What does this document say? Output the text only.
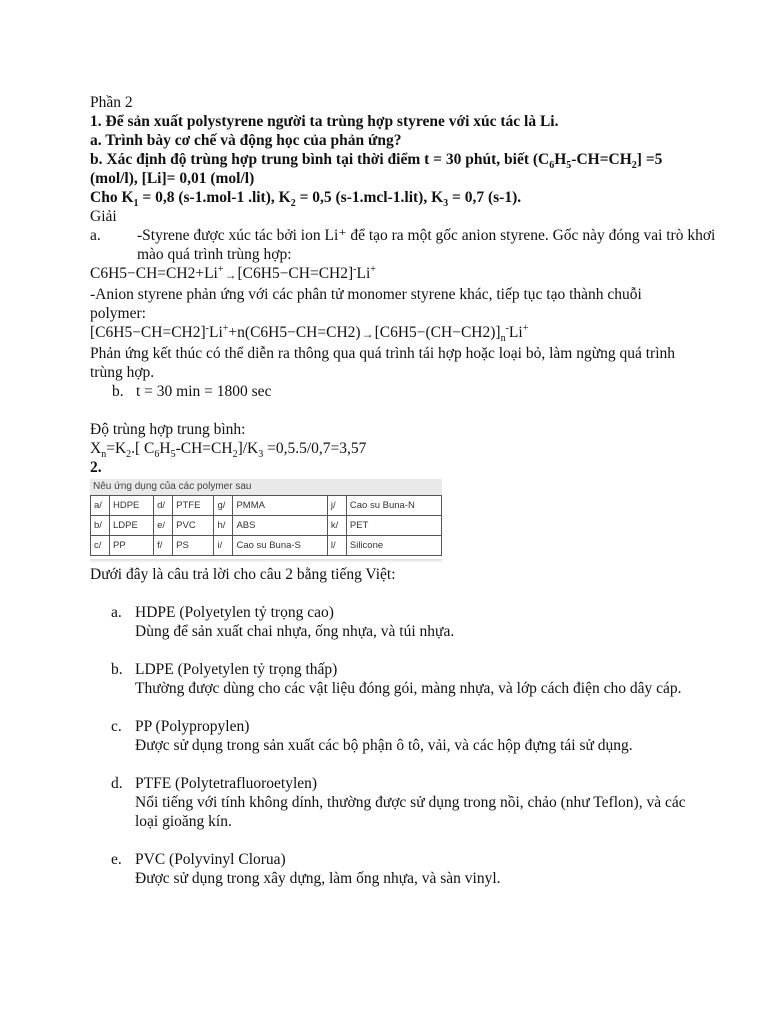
Phần 2

1. Để sản xuất polystyrene người ta trùng hợp styrene với xúc tác là Li.

a. Trình bày cơ chế và động học của phản ứng?

b. Xác định độ trùng hợp trung bình tại thời điểm t = 30 phút, biết $(C_6H_5-CH=CH_2] =5$ (mol/l), [Li]= 0,01 (mol/l)

Cho $K_1 = 0,8$ (s-1.mol-1 .lit), $K_2 = 0,5$ (s-1.mcl-1.lit), $K_3 = 0,7$ (s-1).

Giải

a.	-Styrene được xúc tác bởi ion Li⁺ để tạo ra một gốc anion styrene. Gốc này đóng vai trò khơi mào quá trình trùng hợp:

C6H5−CH=CH2+Li+→[C6H5−CH=CH2]-Li+

-Anion styrene phản ứng với các phân tử monomer styrene khác, tiếp tục tạo thành chuỗi polymer:

$[C6H5-CH=CH2]^-Li^++n(C6H5-CH=CH2)\to[C6H5-(CH-CH2)]_n^-Li^+$

Phản ứng kết thúc có thể diễn ra thông qua quá trình tái hợp hoặc loại bỏ, làm ngừng quá trình trùng hợp.

b. t = 30 min = 1800 sec

Độ trùng hợp trung bình:

$X_n=K_2$.[ $C_6H_5-CH=CH_2]/K_3 =0,5.5/0,7=3,57$

2.

Nêu ứng dụng của các polymer sau
a/	HDPE	d/	PTFE	g/	PMMA	j/	Cao su Buna-N
b/	LDPE	e/	PVC	h/	ABS	k/	PET
c/	PP	f/	PS	i/	Cao su Buna-S	l/	Silicone

Dưới đây là câu trả lời cho câu 2 bằng tiếng Việt:

a. HDPE (Polyetylen tỷ trọng cao)
Dùng để sản xuất chai nhựa, ống nhựa, và túi nhựa.
b. LDPE (Polyetylen tỷ trọng thấp)
Thường được dùng cho các vật liệu đóng gói, màng nhựa, và lớp cách điện cho dây cáp.
c. PP (Polypropylen)
Được sử dụng trong sản xuất các bộ phận ô tô, vải, và các hộp đựng tái sử dụng.
d. PTFE (Polytetrafluoroetylen)
Nổi tiếng với tính không dính, thường được sử dụng trong nồi, chảo (như Teflon), và các loại gioăng kín.
e. PVC (Polyvinyl Clorua)
Được sử dụng trong xây dựng, làm ống nhựa, và sàn vinyl.
